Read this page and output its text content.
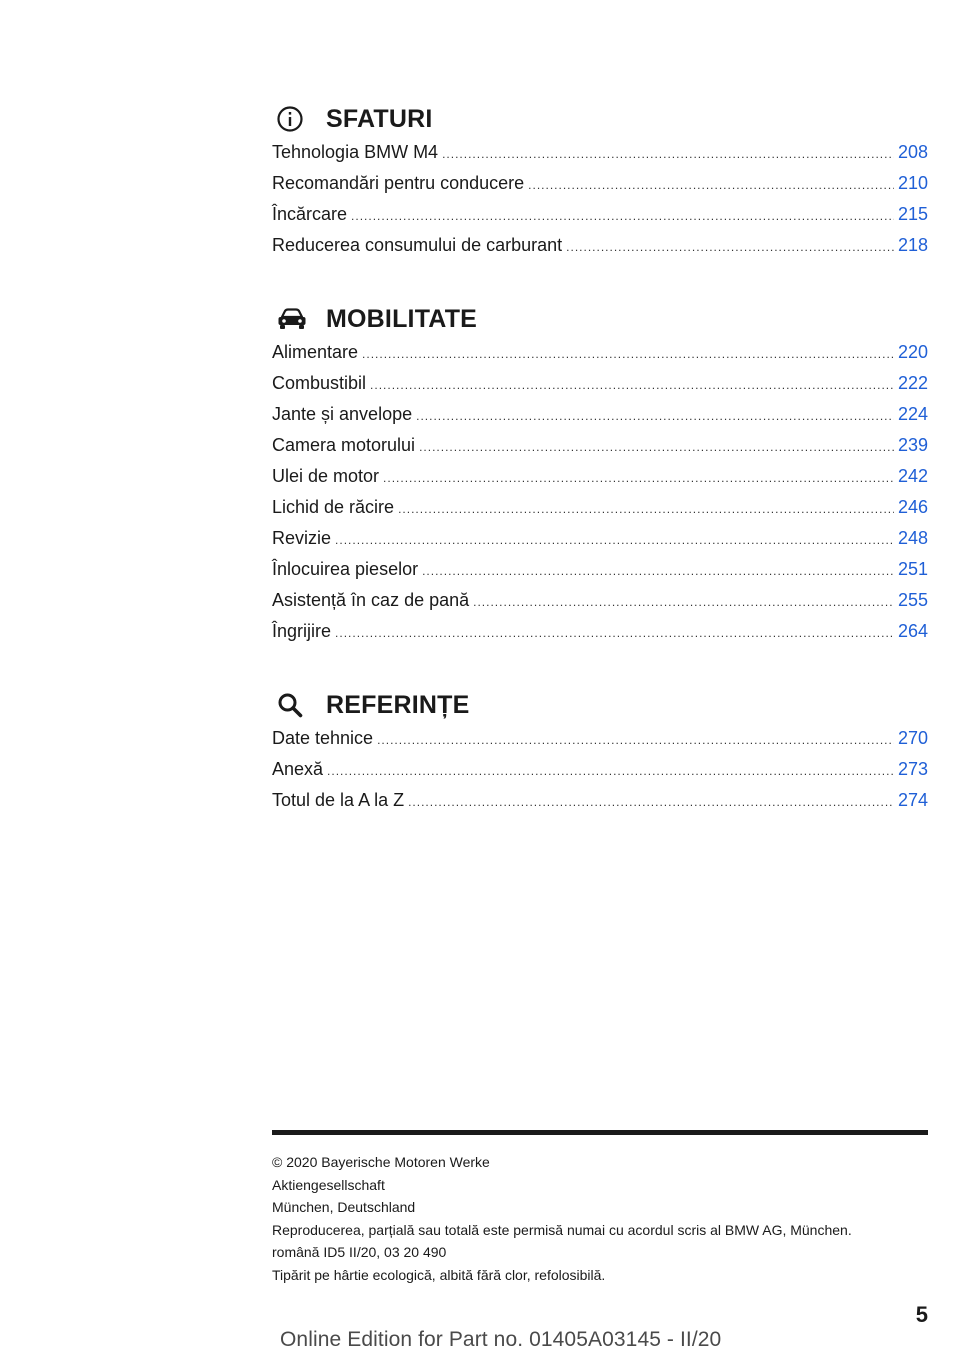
SFATURI
Tehnologia BMW M4 .....	208
Recomandări pentru conducere .....	210
Încărcare .....	215
Reducerea consumului de carburant .....	218
MOBILITATE
Alimentare .....	220
Combustibil .....	222
Jante și anvelope .....	224
Camera motorului .....	239
Ulei de motor .....	242
Lichid de răcire .....	246
Revizie .....	248
Înlocuirea pieselor .....	251
Asistență în caz de pană .....	255
Îngrijire .....	264
REFERINȚE
Date tehnice .....	270
Anexă .....	273
Totul de la A la Z .....	274
© 2020 Bayerische Motoren Werke
Aktiengesellschaft
München, Deutschland
Reproducerea, parțială sau totală este permisă numai cu acordul scris al BMW AG, München.
română ID5 II/20, 03 20 490
Tipărit pe hârtie ecologică, albită fără clor, refolosibilă.
5
Online Edition for Part no. 01405A03145 - II/20
